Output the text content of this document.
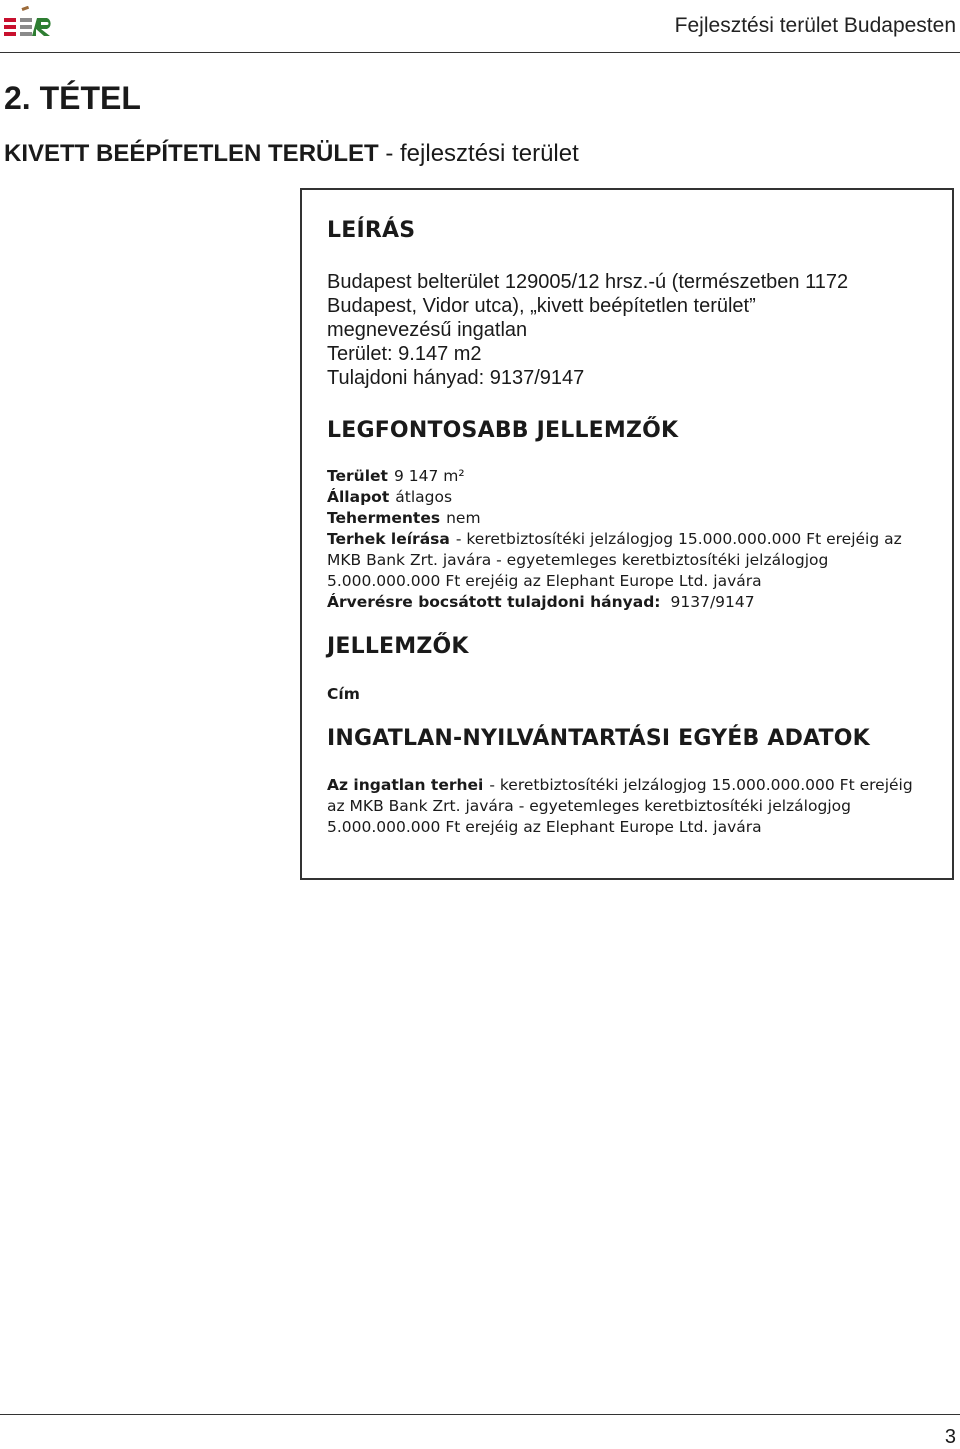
Fejlesztési terület Budapesten
2. TÉTEL
KIVETT BEÉPÍTETLEN TERÜLET - fejlesztési terület
LEÍRÁS
Budapest belterület 129005/12 hrsz.-ú (természetben 1172
Budapest, Vidor utca), „kivett beépítetlen terület”
megnevezésű ingatlan
Terület: 9.147 m2
Tulajdoni hányad: 9137/9147
LEGFONTOSABB JELLEMZŐK
Terület 9 147 m²
Állapot átlagos
Tehermentes nem
Terhek leírása - keretbiztosítéki jelzálogjog 15.000.000.000 Ft erejéig az
MKB Bank Zrt. javára - egyetemleges keretbiztosítéki jelzálogjog
5.000.000.000 Ft erejéig az Elephant Europe Ltd. javára
Árverésre bocsátott tulajdoni hányad: 9137/9147
JELLEMZŐK
Cím
INGATLAN-NYILVÁNTARTÁSI EGYÉB ADATOK
Az ingatlan terhei - keretbiztosítéki jelzálogjog 15.000.000.000 Ft erejéig
az MKB Bank Zrt. javára - egyetemleges keretbiztosítéki jelzálogjog
5.000.000.000 Ft erejéig az Elephant Europe Ltd. javára
3
